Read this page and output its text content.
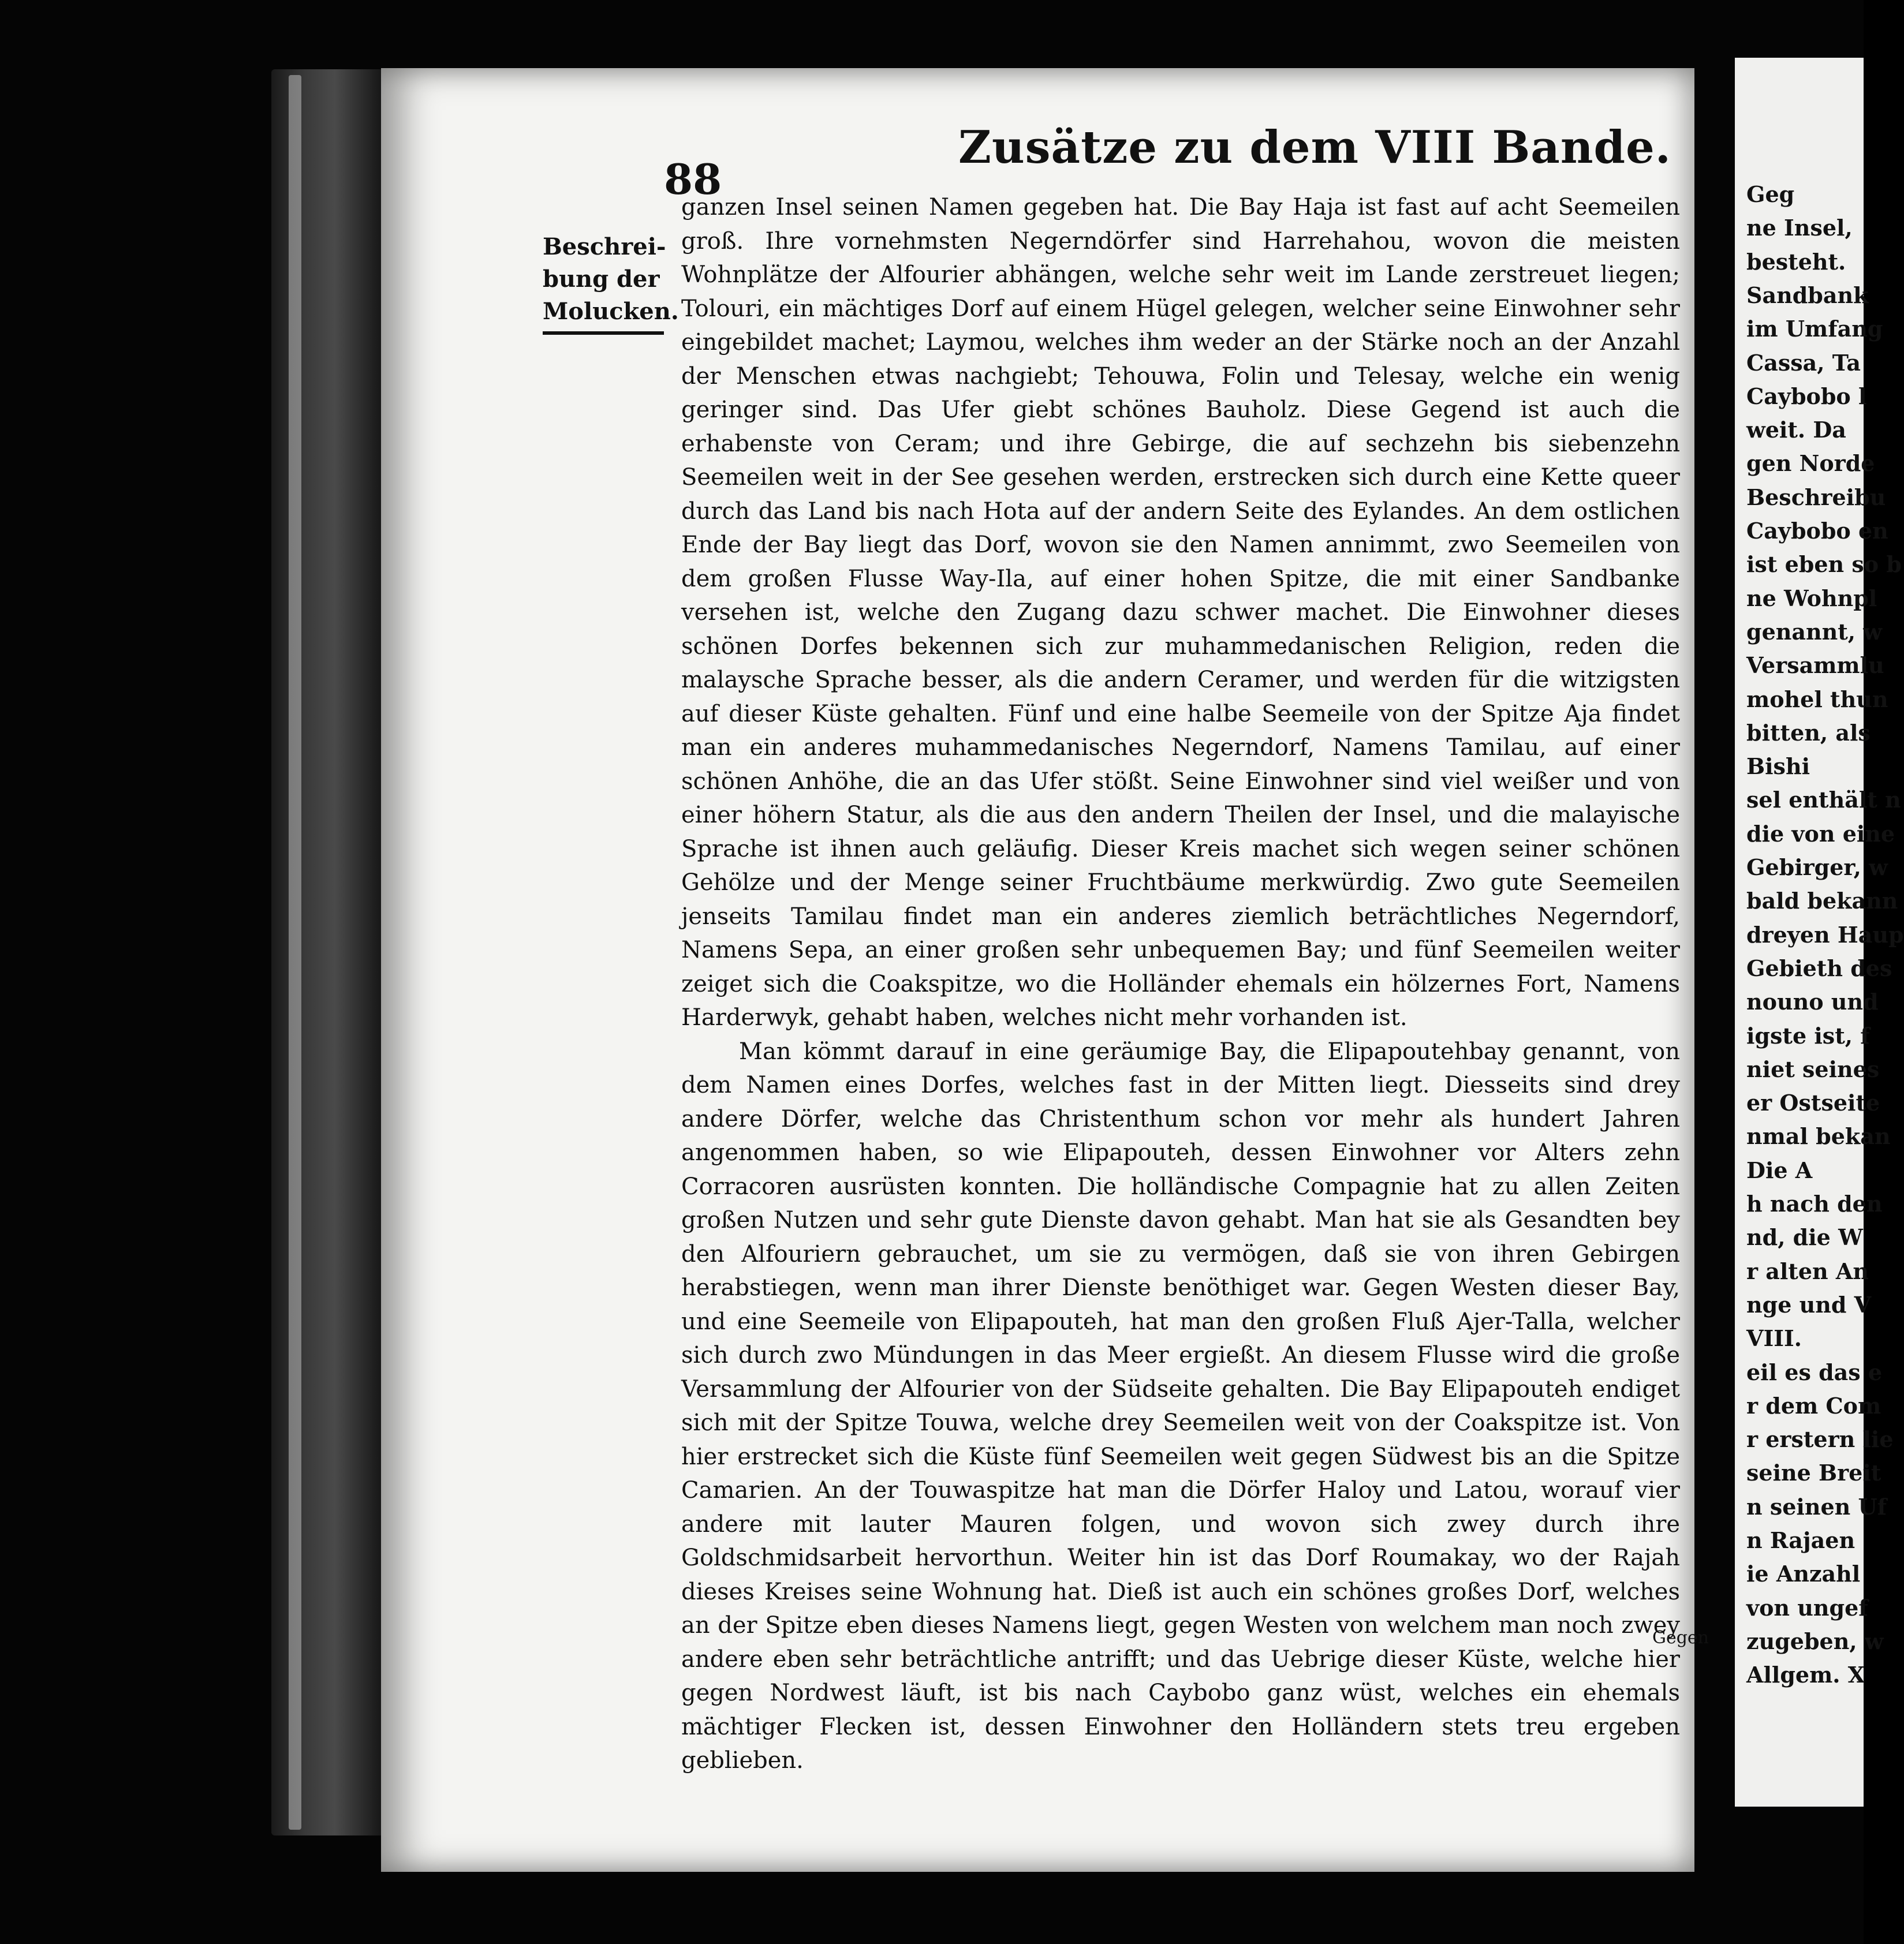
Geg
ne Insel,
besteht.
Sandbank
im Umfang
Cassa, Ta
Caybobo l
weit. Da
gen Norde
Beschreibu
Caybobo en
ist eben so b
ne Wohnpl
genannt, w
Versammlu
mohel thun
bitten, als
Bishi
sel enthält n
die von eine
Gebirger, w
bald bekann
dreyen Haup
Gebieth des
nouno und
igste ist, f
niet seines
er Ostseite
nmal bekan
Die A
h nach den
nd, die W
r alten An
nge und V
VIII.
eil es das e
r dem Com
r erstern lie
seine Breit
n seinen Uf
n Rajaen
ie Anzahl
von ungef
zugeben, w
Allgem. X
88
Zusätze zu dem VIII Bande.
Beschrei-
bung der
Molucken.

ganzen Insel seinen Namen gegeben hat. Die Bay Haja ist fast auf acht Seemeilen groß. Ihre vornehmsten Negerndörfer sind Harrehahou, wovon die meisten Wohnplätze der Alfourier abhängen, welche sehr weit im Lande zerstreuet liegen; Tolouri, ein mächtiges Dorf auf einem Hügel gelegen, welcher seine Einwohner sehr eingebildet machet; Laymou, welches ihm weder an der Stärke noch an der Anzahl der Menschen etwas nachgiebt; Tehouwa, Folin und Telesay, welche ein wenig geringer sind. Das Ufer giebt schönes Bauholz. Diese Gegend ist auch die erhabenste von Ceram; und ihre Gebirge, die auf sechzehn bis siebenzehn Seemeilen weit in der See gesehen werden, erstrecken sich durch eine Kette queer durch das Land bis nach Hota auf der andern Seite des Eylandes. An dem ostlichen Ende der Bay liegt das Dorf, wovon sie den Namen annimmt, zwo Seemeilen von dem großen Flusse Way-Ila, auf einer hohen Spitze, die mit einer Sandbanke versehen ist, welche den Zugang dazu schwer machet. Die Einwohner dieses schönen Dorfes bekennen sich zur muhammedanischen Religion, reden die malaysche Sprache besser, als die andern Ceramer, und werden für die witzigsten auf dieser Küste gehalten. Fünf und eine halbe Seemeile von der Spitze Aja findet man ein anderes muhammedanisches Negerndorf, Namens Tamilau, auf einer schönen Anhöhe, die an das Ufer stößt. Seine Einwohner sind viel weißer und von einer höhern Statur, als die aus den andern Theilen der Insel, und die malayische Sprache ist ihnen auch geläufig. Dieser Kreis machet sich wegen seiner schönen Gehölze und der Menge seiner Fruchtbäume merkwürdig. Zwo gute Seemeilen jenseits Tamilau findet man ein anderes ziemlich beträchtliches Negerndorf, Namens Sepa, an einer großen sehr unbequemen Bay; und fünf Seemeilen weiter zeiget sich die Coakspitze, wo die Holländer ehemals ein hölzernes Fort, Namens Harderwyk, gehabt haben, welches nicht mehr vorhanden ist.

Man kömmt darauf in eine geräumige Bay, die Elipapoutehbay genannt, von dem Namen eines Dorfes, welches fast in der Mitten liegt. Diesseits sind drey andere Dörfer, welche das Christenthum schon vor mehr als hundert Jahren angenommen haben, so wie Elipapouteh, dessen Einwohner vor Alters zehn Corracoren ausrüsten konnten. Die holländische Compagnie hat zu allen Zeiten großen Nutzen und sehr gute Dienste davon gehabt. Man hat sie als Gesandten bey den Alfouriern gebrauchet, um sie zu vermögen, daß sie von ihren Gebirgen herabstiegen, wenn man ihrer Dienste benöthiget war. Gegen Westen dieser Bay, und eine Seemeile von Elipapouteh, hat man den großen Fluß Ajer-Talla, welcher sich durch zwo Mündungen in das Meer ergießt. An diesem Flusse wird die große Versammlung der Alfourier von der Südseite gehalten. Die Bay Elipapouteh endiget sich mit der Spitze Touwa, welche drey Seemeilen weit von der Coakspitze ist. Von hier erstrecket sich die Küste fünf Seemeilen weit gegen Südwest bis an die Spitze Camarien. An der Touwaspitze hat man die Dörfer Haloy und Latou, worauf vier andere mit lauter Mauren folgen, und wovon sich zwey durch ihre Goldschmidsarbeit hervorthun. Weiter hin ist das Dorf Roumakay, wo der Rajah dieses Kreises seine Wohnung hat. Dieß ist auch ein schönes großes Dorf, welches an der Spitze eben dieses Namens liegt, gegen Westen von welchem man noch zwey andere eben sehr beträchtliche antrifft; und das Uebrige dieser Küste, welche hier gegen Nordwest läuft, ist bis nach Caybobo ganz wüst, welches ein ehemals mächtiger Flecken ist, dessen Einwohner den Holländern stets treu ergeben geblieben.

Gegen
